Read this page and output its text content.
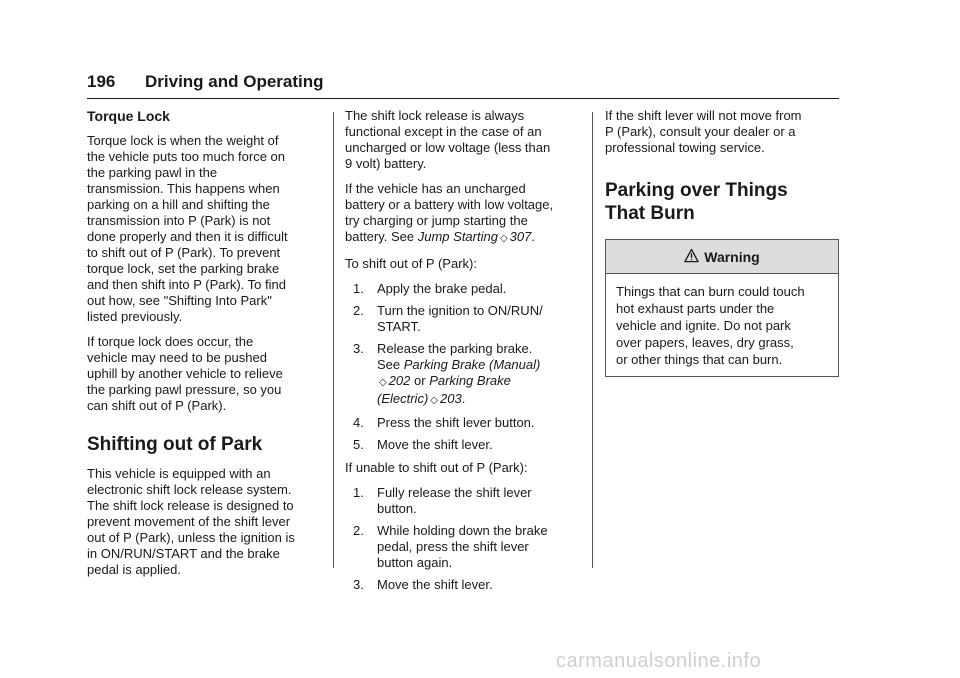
196 Driving and Operating
Torque Lock

Torque lock is when the weight of
the vehicle puts too much force on
the parking pawl in the
transmission. This happens when
parking on a hill and shifting the
transmission into P (Park) is not
done properly and then it is difficult
to shift out of P (Park). To prevent
torque lock, set the parking brake
and then shift into P (Park). To find
out how, see "Shifting Into Park"
listed previously.

If torque lock does occur, the
vehicle may need to be pushed
uphill by another vehicle to relieve
the parking pawl pressure, so you
can shift out of P (Park).

Shifting out of Park

This vehicle is equipped with an
electronic shift lock release system.
The shift lock release is designed to
prevent movement of the shift lever
out of P (Park), unless the ignition is
in ON/RUN/START and the brake
pedal is applied.

The shift lock release is always
functional except in the case of an
uncharged or low voltage (less than
9 volt) battery.

If the vehicle has an uncharged
battery or a battery with low voltage,
try charging or jump starting the
battery. See Jump Starting ◇ 307.

To shift out of P (Park):

1. Apply the brake pedal.
2. Turn the ignition to ON/RUN/
START.
3. Release the parking brake.
See Parking Brake (Manual)
◇ 202 or Parking Brake
(Electric) ◇ 203.
4. Press the shift lever button.
5. Move the shift lever.

If unable to shift out of P (Park):

1. Fully release the shift lever
button.
2. While holding down the brake
pedal, press the shift lever
button again.
3. Move the shift lever.

If the shift lever will not move from
P (Park), consult your dealer or a
professional towing service.

Parking over Things
That Burn
Warning
Things that can burn could touch
hot exhaust parts under the
vehicle and ignite. Do not park
over papers, leaves, dry grass,
or other things that can burn.
carmanualsonline.info
